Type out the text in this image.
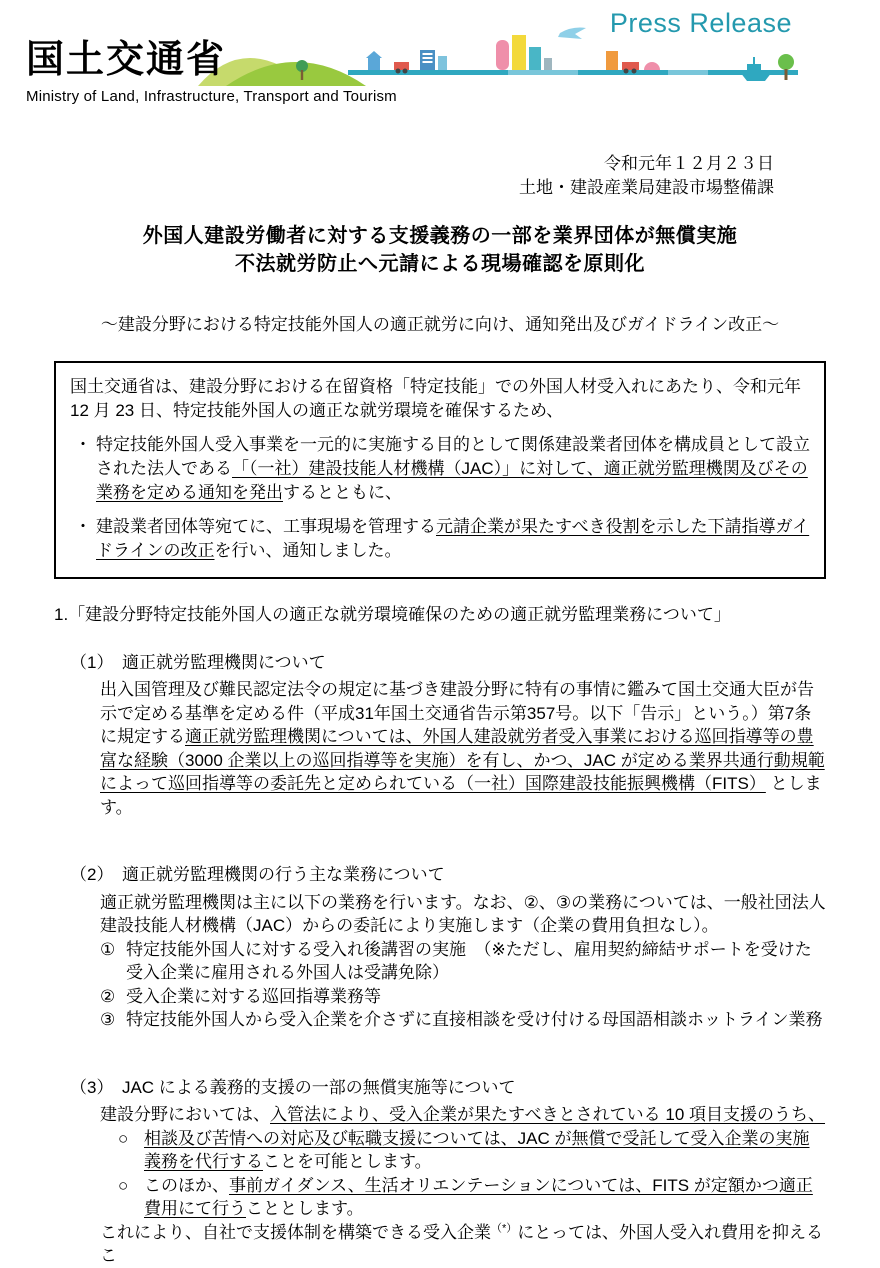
Press Release
国土交通省
Ministry of Land, Infrastructure, Transport and Tourism
令和元年１２月２３日
土地・建設産業局建設市場整備課
外国人建設労働者に対する支援義務の一部を業界団体が無償実施
不法就労防止へ元請による現場確認を原則化
～建設分野における特定技能外国人の適正就労に向け、通知発出及びガイドライン改正～

国土交通省は、建設分野における在留資格「特定技能」での外国人材受入れにあたり、令和元年 12 月 23 日、特定技能外国人の適正な就労環境を確保するため、

・ 特定技能外国人受入事業を一元的に実施する目的として関係建設業者団体を構成員として設立された法人である「（一社）建設技能人材機構（JAC）」に対して、適正就労監理機関及びその業務を定める通知を発出するとともに、
・ 建設業者団体等宛てに、工事現場を管理する元請企業が果たすべき役割を示した下請指導ガイドラインの改正を行い、通知しました。

1.「建設分野特定技能外国人の適正な就労環境確保のための適正就労監理業務について」

（1）　適正就労監理機関について

出入国管理及び難民認定法令の規定に基づき建設分野に特有の事情に鑑みて国土交通大臣が告示で定める基準を定める件（平成31年国土交通省告示第357号。以下「告示」という。）第7条に規定する適正就労監理機関については、外国人建設就労者受入事業における巡回指導等の豊富な経験（3000 企業以上の巡回指導等を実施）を有し、かつ、JAC が定める業界共通行動規範によって巡回指導等の委託先と定められている（一社）国際建設技能振興機構（FITS） とします。

（2）　適正就労監理機関の行う主な業務について

適正就労監理機関は主に以下の業務を行います。なお、②、③の業務については、一般社団法人建設技能人材機構（JAC）からの委託により実施します（企業の費用負担なし）。

① 特定技能外国人に対する受入れ後講習の実施　（※ただし、雇用契約締結サポートを受けた受入企業に雇用される外国人は受講免除）
② 受入企業に対する巡回指導業務等
③ 特定技能外国人から受入企業を介さずに直接相談を受け付ける母国語相談ホットライン業務

（3）　JAC による義務的支援の一部の無償実施等について

建設分野においては、入管法により、受入企業が果たすべきとされている 10 項目支援のうち、

○ 相談及び苦情への対応及び転職支援については、JAC が無償で受託して受入企業の実施義務を代行することを可能とします。
○ このほか、事前ガイダンス、生活オリエンテーションについては、FITS が定額かつ適正費用にて行うこととします。

これにより、自社で支援体制を構築できる受入企業（*）にとっては、外国人受入れ費用を抑えるこ
